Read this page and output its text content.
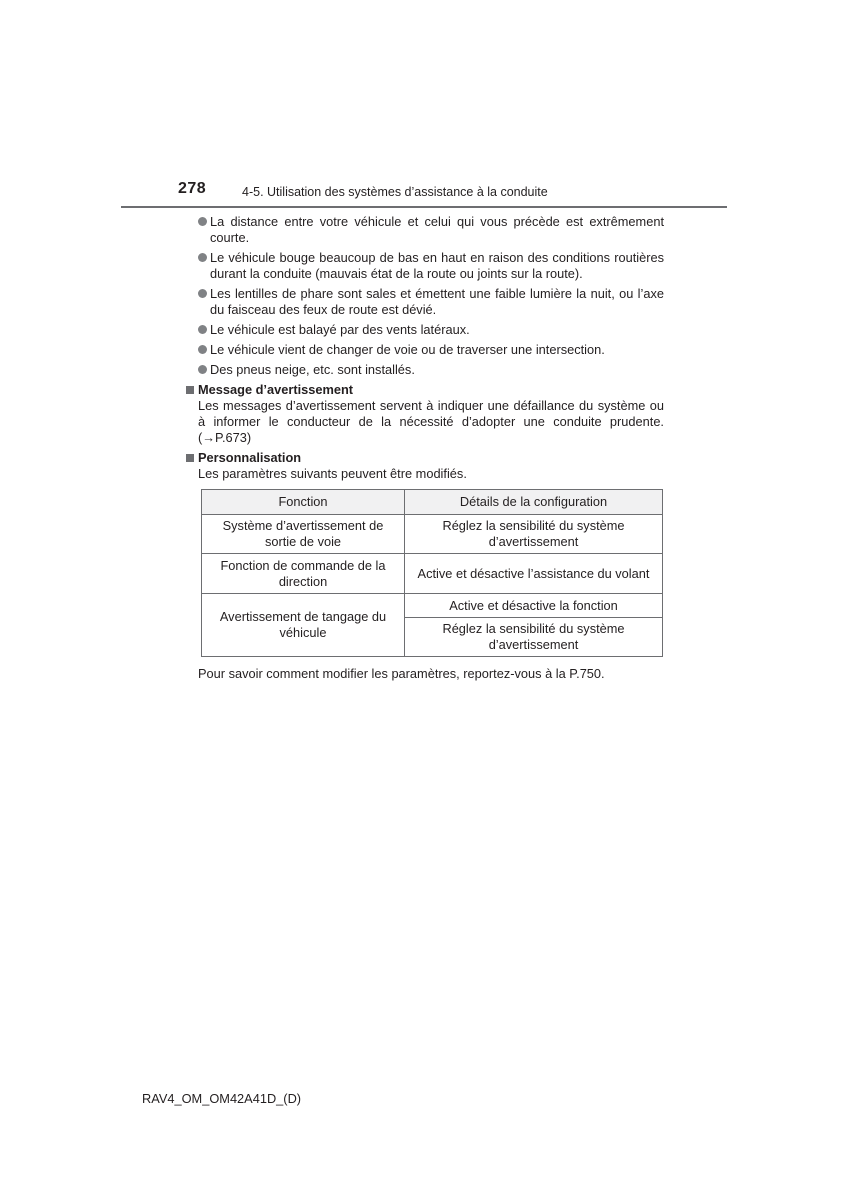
278	4-5. Utilisation des systèmes d’assistance à la conduite
La distance entre votre véhicule et celui qui vous précède est extrêmement courte.
Le véhicule bouge beaucoup de bas en haut en raison des conditions routières durant la conduite (mauvais état de la route ou joints sur la route).
Les lentilles de phare sont sales et émettent une faible lumière la nuit, ou l’axe du faisceau des feux de route est dévié.
Le véhicule est balayé par des vents latéraux.
Le véhicule vient de changer de voie ou de traverser une intersection.
Des pneus neige, etc. sont installés.
Message d’avertissement
Les messages d’avertissement servent à indiquer une défaillance du système ou à informer le conducteur de la nécessité d’adopter une conduite prudente. (→P.673)
Personnalisation
Les paramètres suivants peuvent être modifiés.
Fonction	Détails de la configuration
Système d’avertissement de sortie de voie	Réglez la sensibilité du système d’avertissement
Fonction de commande de la direction	Active et désactive l’assistance du volant
Avertissement de tangage du véhicule	Active et désactive la fonction
	Réglez la sensibilité du système d’avertissement
Pour savoir comment modifier les paramètres, reportez-vous à la P.750.
RAV4_OM_OM42A41D_(D)
